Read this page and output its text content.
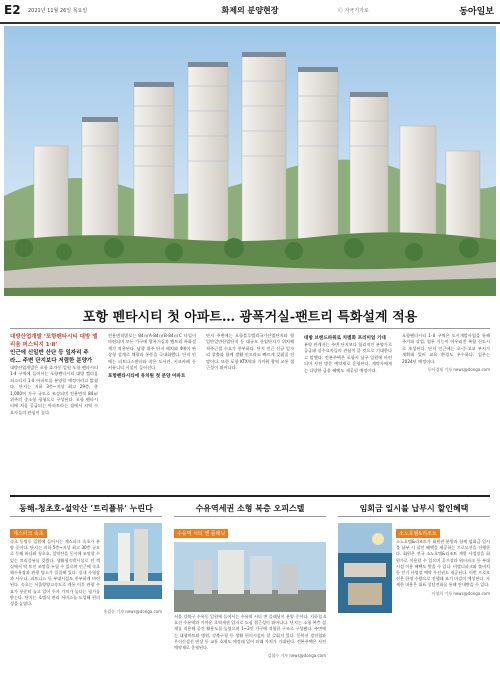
E2 2021년 11월 26일 목요일	화제의 분양현장	Ⓒ 자극기가로	동아일보
포항 펜타시티 첫 아파트… 광폭거실-팬트리 특화설계 적용
대방산업개발 ‘포항펜타시티 대방 엘리움 퍼스티지 1·Ⅱ’
인근에 신일반 산단 등 일자리 주라… 주변 단지보다 저렴한 분양가
대방산업개발은 포항 효자동 일원 포항 펜타시티 1·Ⅱ 구역에 들어서는 포항펜타시티 대방 엘리움 퍼스티지 1·Ⅱ 아파트를 분양할 예정이라고 밝혔다. 단지는 지하 3층~지상 최고 29층, 총 1,000여 가구 규모로 조성되며 전용면적 84㎡ 위주의 중소형 평형으로 구성된다. 포항 펜타시티에 처음 공급되는 아파트라는 점에서 지역 수요자들의 관심이 높다.
전용면적별로는 84㎡A·84㎡B·84㎡C 타입이 마련되며 모든 가구에 광폭거실과 팬트리 특화설계가 적용된다. 남향 위주 단지 배치와 4베이 판상형 설계로 채광과 통풍을 극대화했다. 단지 안에는 피트니스센터와 작은 도서관, 키즈카페 등 커뮤니티 시설이 들어선다.
포항펜타시티에 유치원 첫 분양 아파트
단지 주변에는 포항블루밸리국가산업단지와 영일만일반산업단지 등 대규모 산업단지가 위치해 직주근접 수요가 풍부하다. 단지 인근 신규 일자리 창출과 함께 생활 인프라도 빠르게 갖춰질 전망이다. 또한 포항 KTX역과 가까워 광역 교통 접근성이 뛰어나다.
대방 브랜드파워로 차별화 프리미엄 기대
분양 관계자는 주변 단지보다 합리적인 분양가로 공급돼 실수요자들의 관심이 클 것으로 기대한다고 말했다. 견본주택은 포항시 남구 일원에 마련되며 사전 방문 예약제로 운영된다. 계약자에게는 다양한 금융 혜택도 제공될 예정이다.
포항펜타시티 1·Ⅱ 구역은 도시개발사업을 통해 주거와 상업, 업무 기능이 어우러진 복합 신도시로 조성된다. 단지 인근에는 초·중·고교 부지가 계획돼 있어 교육 환경도 우수하다. 입주는 2024년 예정이다.
동아경제 기자 news@donga.com
동해-청초호-설악산 ‘트리플뷰’ 누린다
제스파크 속초
속초 동명동 일원에 들어서는 제스파크 속초가 분양 중이다. 단지는 지하 5층~지상 최고 30층 규모로 동해 바다와 청초호, 설악산을 동시에 조망할 수 있는 트리플뷰를 갖췄다. 생활형숙박시설로 전 객실에서 탁 트인 조망을 누릴 수 있으며 인근에 속초해수욕장과 관광 명소가 밀집해 있다. 실내 수영장과 사우나, 피트니스 등 부대시설도 풍부하게 마련된다. 속초는 서울양양고속도로 개통 이후 관광 수요가 꾸준히 늘고 있어 투자 가치가 높다는 평가를 받는다. 단지는 호텔식 관리 서비스를 도입해 편의성을 높였다.
홍길동 기자 news@donga.com
수유역세권 소형 복층 오피스텔
수유역 시티 앤 플래닛
서울 강북구 수유동 일원에 들어서는 수유역 시티 앤 플래닛이 분양 중이다. 지하철 4호선 수유역과 가까운 초역세권 입지로 도심 접근성이 뛰어나다. 단지는 소형 복층 설계를 적용해 공간 활용도를 높였으며 1~2인 가구에 적합한 구조로 구성됐다. 주변에는 대형마트와 병원, 강북구청 등 생활 편의시설이 잘 갖춰져 있다. 동북선 경전철과 우이신설선 연장 등 교통 호재도 예정돼 있어 미래 가치가 기대된다. 견본주택은 사전 예약제로 운영된다.
김철수 기자 news@donga.com
임회금 일시불 납부시 할인혜택
소노호텔&리조트
소노호텔&리조트가 회원권 분양과 함께 임회금 일시불 납부 시 할인 혜택을 제공하는 프로모션을 진행한다. 회원은 전국 소노호텔&리조트 계열 사업장을 회원가로 이용할 수 있으며 골프장과 워터파크 등 부대시설 이용 혜택도 받을 수 있다. 비발디파크와 쏠비치 등 인기 사업장 예약 우선권도 제공된다. 이번 프로모션은 한정 수량으로 진행돼 조기 마감이 예상된다. 자세한 내용은 대표 상담전화를 통해 안내받을 수 있다.
이영희 기자 news@donga.com
